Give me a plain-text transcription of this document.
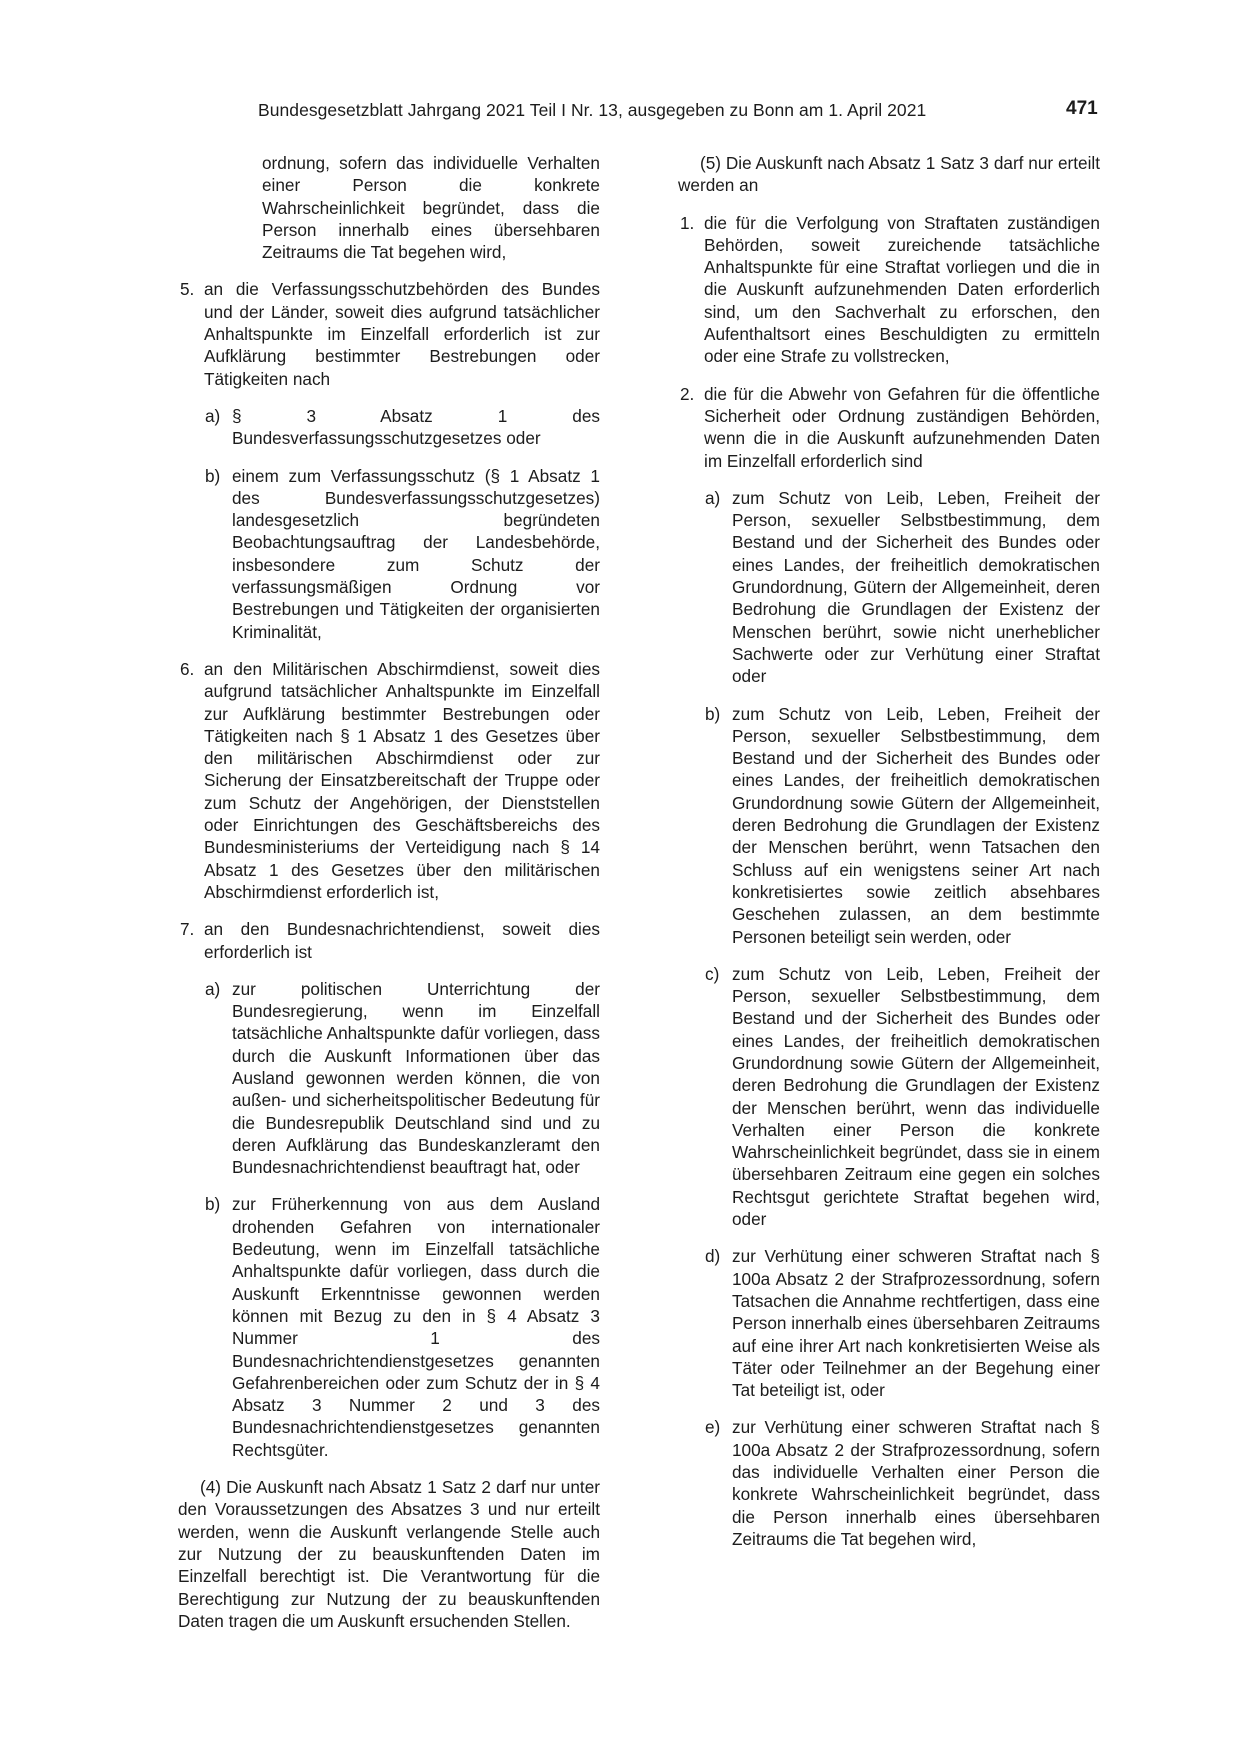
Bundesgesetzblatt Jahrgang 2021 Teil I Nr. 13, ausgegeben zu Bonn am 1. April 2021	471
ordnung, sofern das individuelle Verhalten einer Person die konkrete Wahrscheinlichkeit begründet, dass die Person innerhalb eines übersehbaren Zeitraums die Tat begehen wird,
5. an die Verfassungsschutzbehörden des Bundes und der Länder, soweit dies aufgrund tatsächlicher Anhaltspunkte im Einzelfall erforderlich ist zur Aufklärung bestimmter Bestrebungen oder Tätigkeiten nach
a) § 3 Absatz 1 des Bundesverfassungsschutzgesetzes oder
b) einem zum Verfassungsschutz (§ 1 Absatz 1 des Bundesverfassungsschutzgesetzes) landesgesetzlich begründeten Beobachtungsauftrag der Landesbehörde, insbesondere zum Schutz der verfassungsmäßigen Ordnung vor Bestrebungen und Tätigkeiten der organisierten Kriminalität,
6. an den Militärischen Abschirmdienst, soweit dies aufgrund tatsächlicher Anhaltspunkte im Einzelfall zur Aufklärung bestimmter Bestrebungen oder Tätigkeiten nach § 1 Absatz 1 des Gesetzes über den militärischen Abschirmdienst oder zur Sicherung der Einsatzbereitschaft der Truppe oder zum Schutz der Angehörigen, der Dienststellen oder Einrichtungen des Geschäftsbereichs des Bundesministeriums der Verteidigung nach § 14 Absatz 1 des Gesetzes über den militärischen Abschirmdienst erforderlich ist,
7. an den Bundesnachrichtendienst, soweit dies erforderlich ist
a) zur politischen Unterrichtung der Bundesregierung, wenn im Einzelfall tatsächliche Anhaltspunkte dafür vorliegen, dass durch die Auskunft Informationen über das Ausland gewonnen werden können, die von außen- und sicherheitspolitischer Bedeutung für die Bundesrepublik Deutschland sind und zu deren Aufklärung das Bundeskanzleramt den Bundesnachrichtendienst beauftragt hat, oder
b) zur Früherkennung von aus dem Ausland drohenden Gefahren von internationaler Bedeutung, wenn im Einzelfall tatsächliche Anhaltspunkte dafür vorliegen, dass durch die Auskunft Erkenntnisse gewonnen werden können mit Bezug zu den in § 4 Absatz 3 Nummer 1 des Bundesnachrichtendienstgesetzes genannten Gefahrenbereichen oder zum Schutz der in § 4 Absatz 3 Nummer 2 und 3 des Bundesnachrichtendienstgesetzes genannten Rechtsgüter.
(4) Die Auskunft nach Absatz 1 Satz 2 darf nur unter den Voraussetzungen des Absatzes 3 und nur erteilt werden, wenn die Auskunft verlangende Stelle auch zur Nutzung der zu beauskunftenden Daten im Einzelfall berechtigt ist. Die Verantwortung für die Berechtigung zur Nutzung der zu beauskunftenden Daten tragen die um Auskunft ersuchenden Stellen.
(5) Die Auskunft nach Absatz 1 Satz 3 darf nur erteilt werden an
1. die für die Verfolgung von Straftaten zuständigen Behörden, soweit zureichende tatsächliche Anhaltspunkte für eine Straftat vorliegen und die in die Auskunft aufzunehmenden Daten erforderlich sind, um den Sachverhalt zu erforschen, den Aufenthaltsort eines Beschuldigten zu ermitteln oder eine Strafe zu vollstrecken,
2. die für die Abwehr von Gefahren für die öffentliche Sicherheit oder Ordnung zuständigen Behörden, wenn die in die Auskunft aufzunehmenden Daten im Einzelfall erforderlich sind
a) zum Schutz von Leib, Leben, Freiheit der Person, sexueller Selbstbestimmung, dem Bestand und der Sicherheit des Bundes oder eines Landes, der freiheitlich demokratischen Grundordnung, Gütern der Allgemeinheit, deren Bedrohung die Grundlagen der Existenz der Menschen berührt, sowie nicht unerheblicher Sachwerte oder zur Verhütung einer Straftat oder
b) zum Schutz von Leib, Leben, Freiheit der Person, sexueller Selbstbestimmung, dem Bestand und der Sicherheit des Bundes oder eines Landes, der freiheitlich demokratischen Grundordnung sowie Gütern der Allgemeinheit, deren Bedrohung die Grundlagen der Existenz der Menschen berührt, wenn Tatsachen den Schluss auf ein wenigstens seiner Art nach konkretisiertes sowie zeitlich absehbares Geschehen zulassen, an dem bestimmte Personen beteiligt sein werden, oder
c) zum Schutz von Leib, Leben, Freiheit der Person, sexueller Selbstbestimmung, dem Bestand und der Sicherheit des Bundes oder eines Landes, der freiheitlich demokratischen Grundordnung sowie Gütern der Allgemeinheit, deren Bedrohung die Grundlagen der Existenz der Menschen berührt, wenn das individuelle Verhalten einer Person die konkrete Wahrscheinlichkeit begründet, dass sie in einem übersehbaren Zeitraum eine gegen ein solches Rechtsgut gerichtete Straftat begehen wird, oder
d) zur Verhütung einer schweren Straftat nach § 100a Absatz 2 der Strafprozessordnung, sofern Tatsachen die Annahme rechtfertigen, dass eine Person innerhalb eines übersehbaren Zeitraums auf eine ihrer Art nach konkretisierten Weise als Täter oder Teilnehmer an der Begehung einer Tat beteiligt ist, oder
e) zur Verhütung einer schweren Straftat nach § 100a Absatz 2 der Strafprozessordnung, sofern das individuelle Verhalten einer Person die konkrete Wahrscheinlichkeit begründet, dass die Person innerhalb eines übersehbaren Zeitraums die Tat begehen wird,
